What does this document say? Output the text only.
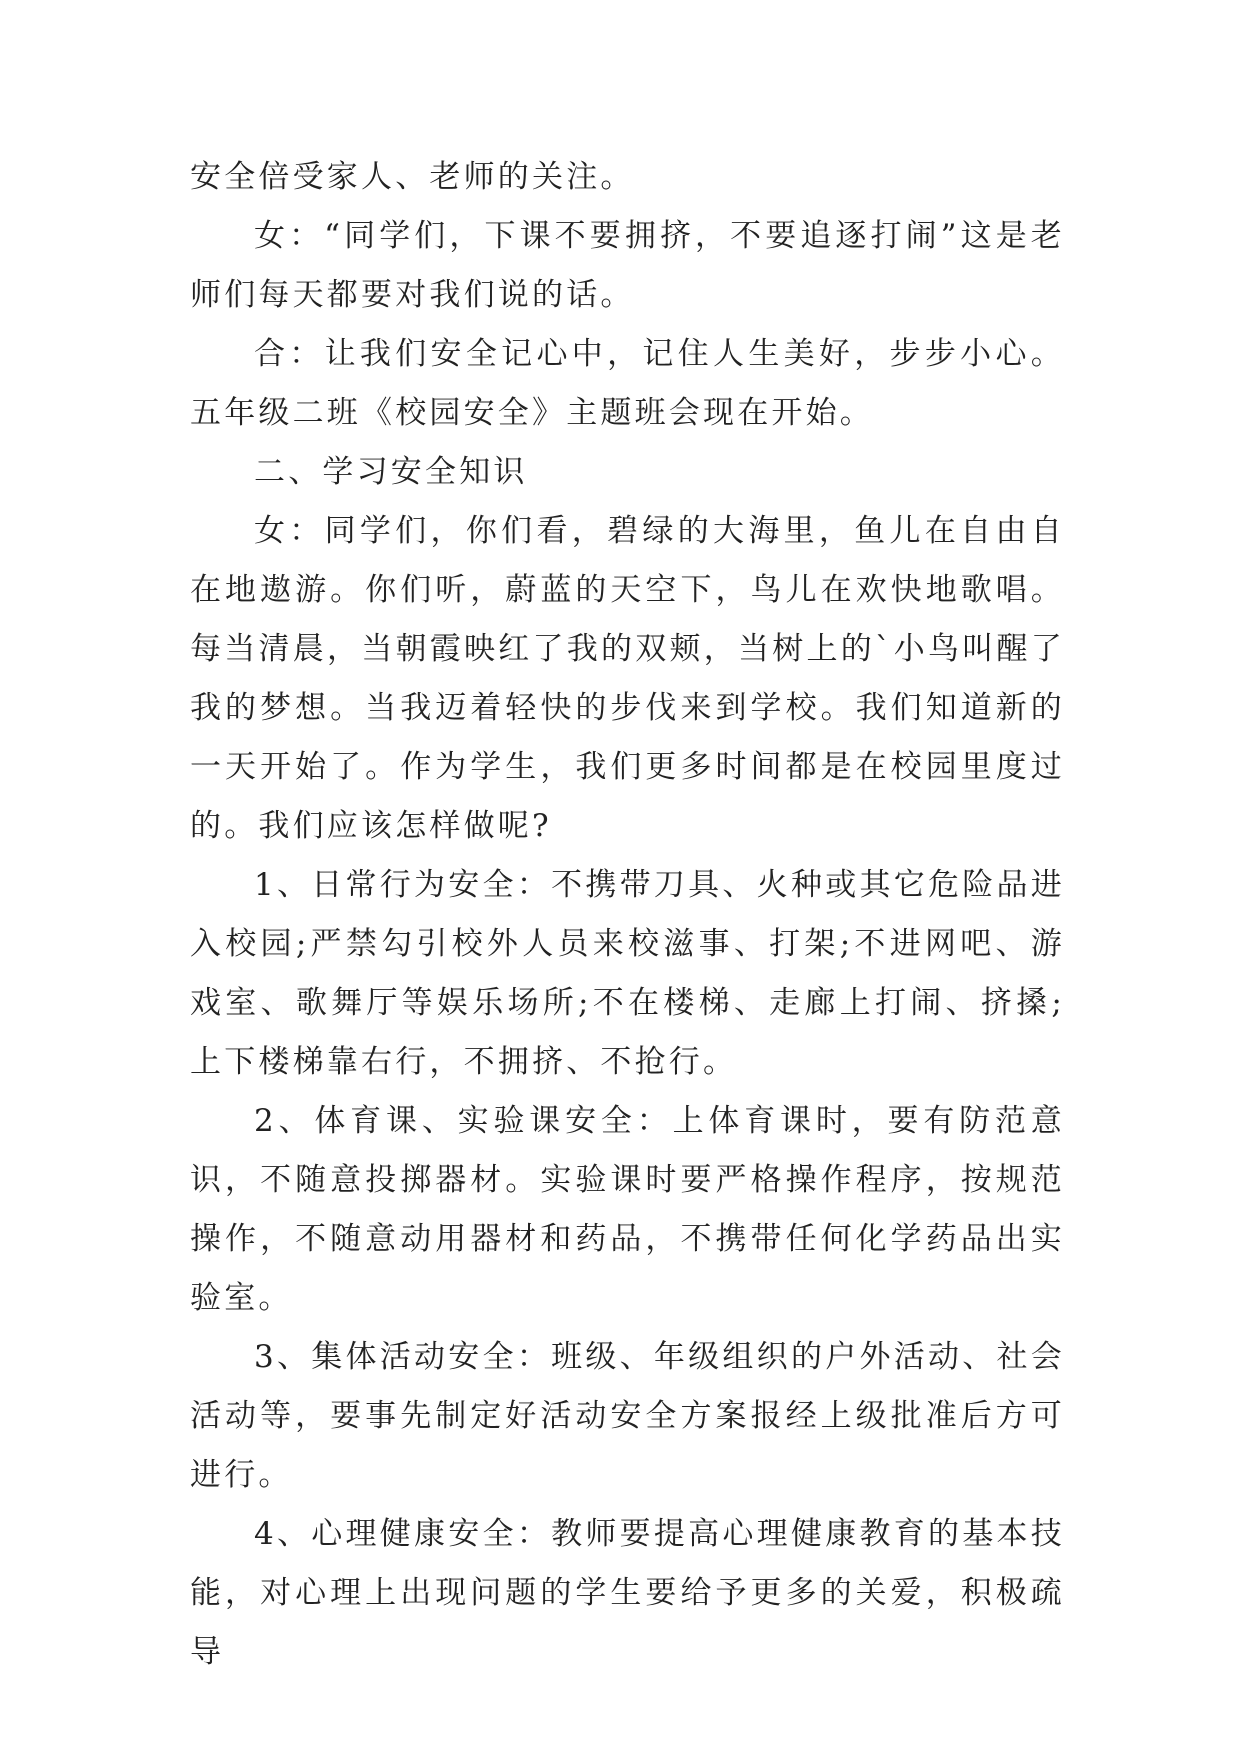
安全倍受家人、老师的关注。

女：“同学们，下课不要拥挤，不要追逐打闹”这是老师们每天都要对我们说的话。

合：让我们安全记心中，记住人生美好，步步小心。五年级二班《校园安全》主题班会现在开始。

二、学习安全知识

女：同学们，你们看，碧绿的大海里，鱼儿在自由自在地遨游。你们听，蔚蓝的天空下，鸟儿在欢快地歌唱。每当清晨，当朝霞映红了我的双颊，当树上的`小鸟叫醒了我的梦想。当我迈着轻快的步伐来到学校。我们知道新的一天开始了。作为学生，我们更多时间都是在校园里度过的。我们应该怎样做呢?

1、日常行为安全：不携带刀具、火种或其它危险品进入校园;严禁勾引校外人员来校滋事、打架;不进网吧、游戏室、歌舞厅等娱乐场所;不在楼梯、走廊上打闹、挤搡;上下楼梯靠右行，不拥挤、不抢行。

2、体育课、实验课安全：上体育课时，要有防范意识，不随意投掷器材。实验课时要严格操作程序，按规范操作，不随意动用器材和药品，不携带任何化学药品出实验室。

3、集体活动安全：班级、年级组织的户外活动、社会活动等，要事先制定好活动安全方案报经上级批准后方可进行。

4、心理健康安全：教师要提高心理健康教育的基本技能，对心理上出现问题的学生要给予更多的关爱，积极疏导
